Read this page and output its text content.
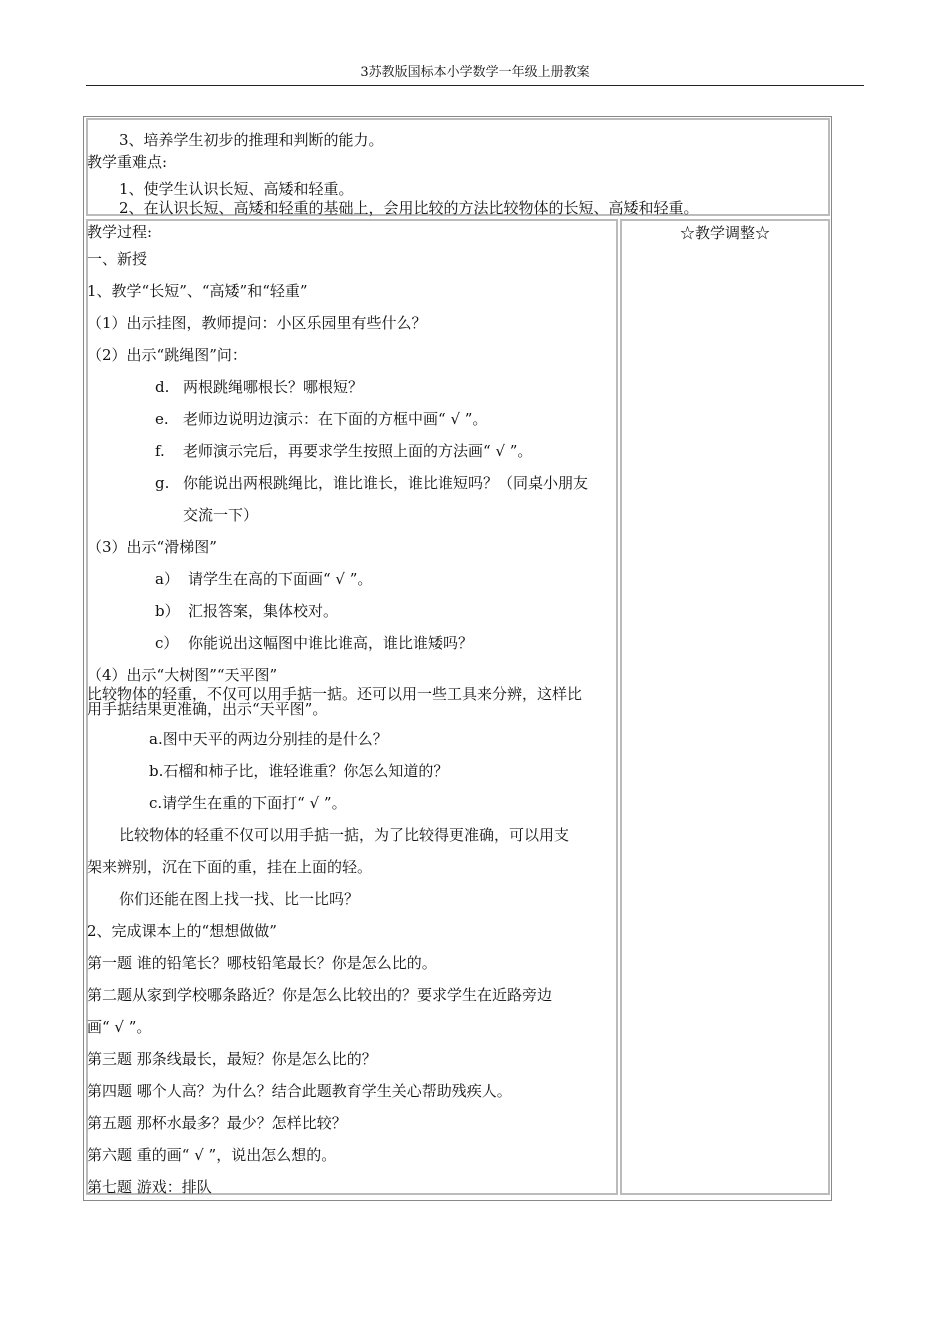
3苏教版国标本小学数学一年级上册教案
3、培养学生初步的推理和判断的能力。
教学重难点:
1、使学生认识长短、高矮和轻重。
2、在认识长短、高矮和轻重的基础上，会用比较的方法比较物体的长短、高矮和轻重。
☆教学调整☆
教学过程:
一、新授
1、教学“长短”、“高矮”和“轻重”
（1）出示挂图，教师提问：小区乐园里有些什么？
（2）出示“跳绳图”问：
d. 两根跳绳哪根长？哪根短？
e. 老师边说明边演示：在下面的方框中画“ √ ”。
f. 老师演示完后，再要求学生按照上面的方法画“ √ ”。
g. 你能说出两根跳绳比，谁比谁长，谁比谁短吗？（同桌小朋友
交流一下）
（3）出示“滑梯图”
a） 请学生在高的下面画“ √ ”。
b） 汇报答案，集体校对。
c） 你能说出这幅图中谁比谁高，谁比谁矮吗？
（4）出示“大树图”“天平图”
比较物体的轻重，不仅可以用手掂一掂。还可以用一些工具来分辨，这样比
用手掂结果更准确，出示“天平图”。
a.图中天平的两边分别挂的是什么？
b.石榴和柿子比，谁轻谁重？你怎么知道的？
c.请学生在重的下面打“ √ ”。
比较物体的轻重不仅可以用手掂一掂，为了比较得更准确，可以用支
架来辨别，沉在下面的重，挂在上面的轻。
你们还能在图上找一找、比一比吗？
2、完成课本上的“想想做做”
第一题 谁的铅笔长？哪枝铅笔最长？你是怎么比的。
第二题从家到学校哪条路近？你是怎么比较出的？要求学生在近路旁边
画“ √ ”。
第三题 那条线最长，最短？你是怎么比的？
第四题 哪个人高？为什么？结合此题教育学生关心帮助残疾人。
第五题 那杯水最多？最少？怎样比较？
第六题 重的画“ √ ”，说出怎么想的。
第七题 游戏：排队
